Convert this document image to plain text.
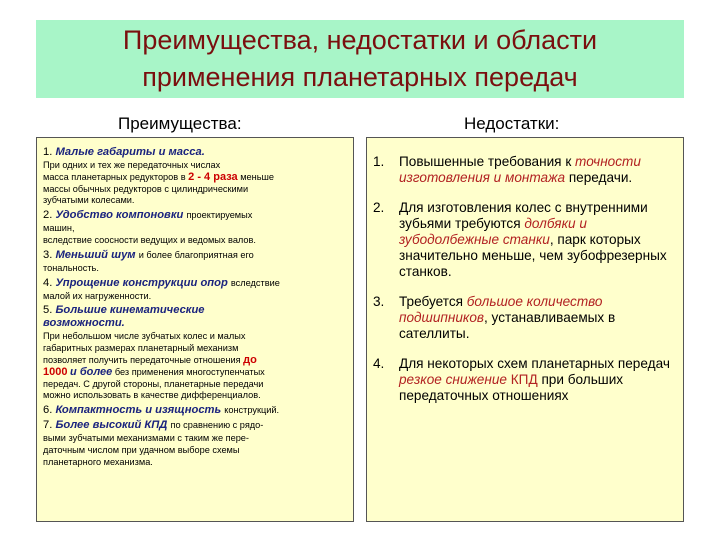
Преимущества, недостатки и области
применения планетарных передач
Преимущества:	Недостатки:
1. Малые габариты и масса.
При одних и тех же передаточных числах
масса планетарных редукторов в 2 - 4 раза меньше
массы обычных редукторов с цилиндрическими
зубчатыми колесами.
2. Удобство компоновки проектируемых
машин,
вследствие соосности ведущих и ведомых валов.
3. Меньший шум и более благоприятная его
тональность.
4. Упрощение конструкции опор вследствие
малой их нагруженности.
5. Большие кинематические
возможности.
При небольшом числе зубчатых колес и малых
габаритных размерах планетарный механизм
позволяет получить передаточные отношения до
1000 и более без применения многоступенчатых
передач. С другой стороны, планетарные передачи
можно использовать в качестве дифференциалов.
6. Компактность и изящность конструкций.
7. Более высокий КПД по сравнению с рядо-
выми зубчатыми механизмами с таким же пере-
даточным числом при удачном выборе схемы
планетарного механизма.
1.	Повышенные требования к точности изготовления и монтажа передачи.
2.	Для изготовления колес с внутренними зубьями требуются долбяки и зубодолбежные станки, парк которых значительно меньше, чем зубофрезерных станков.
3.	Требуется большое количество подшипников, устанавливаемых в сателлиты.
4.	Для некоторых схем планетарных передач резкое снижение КПД при больших передаточных отношениях
